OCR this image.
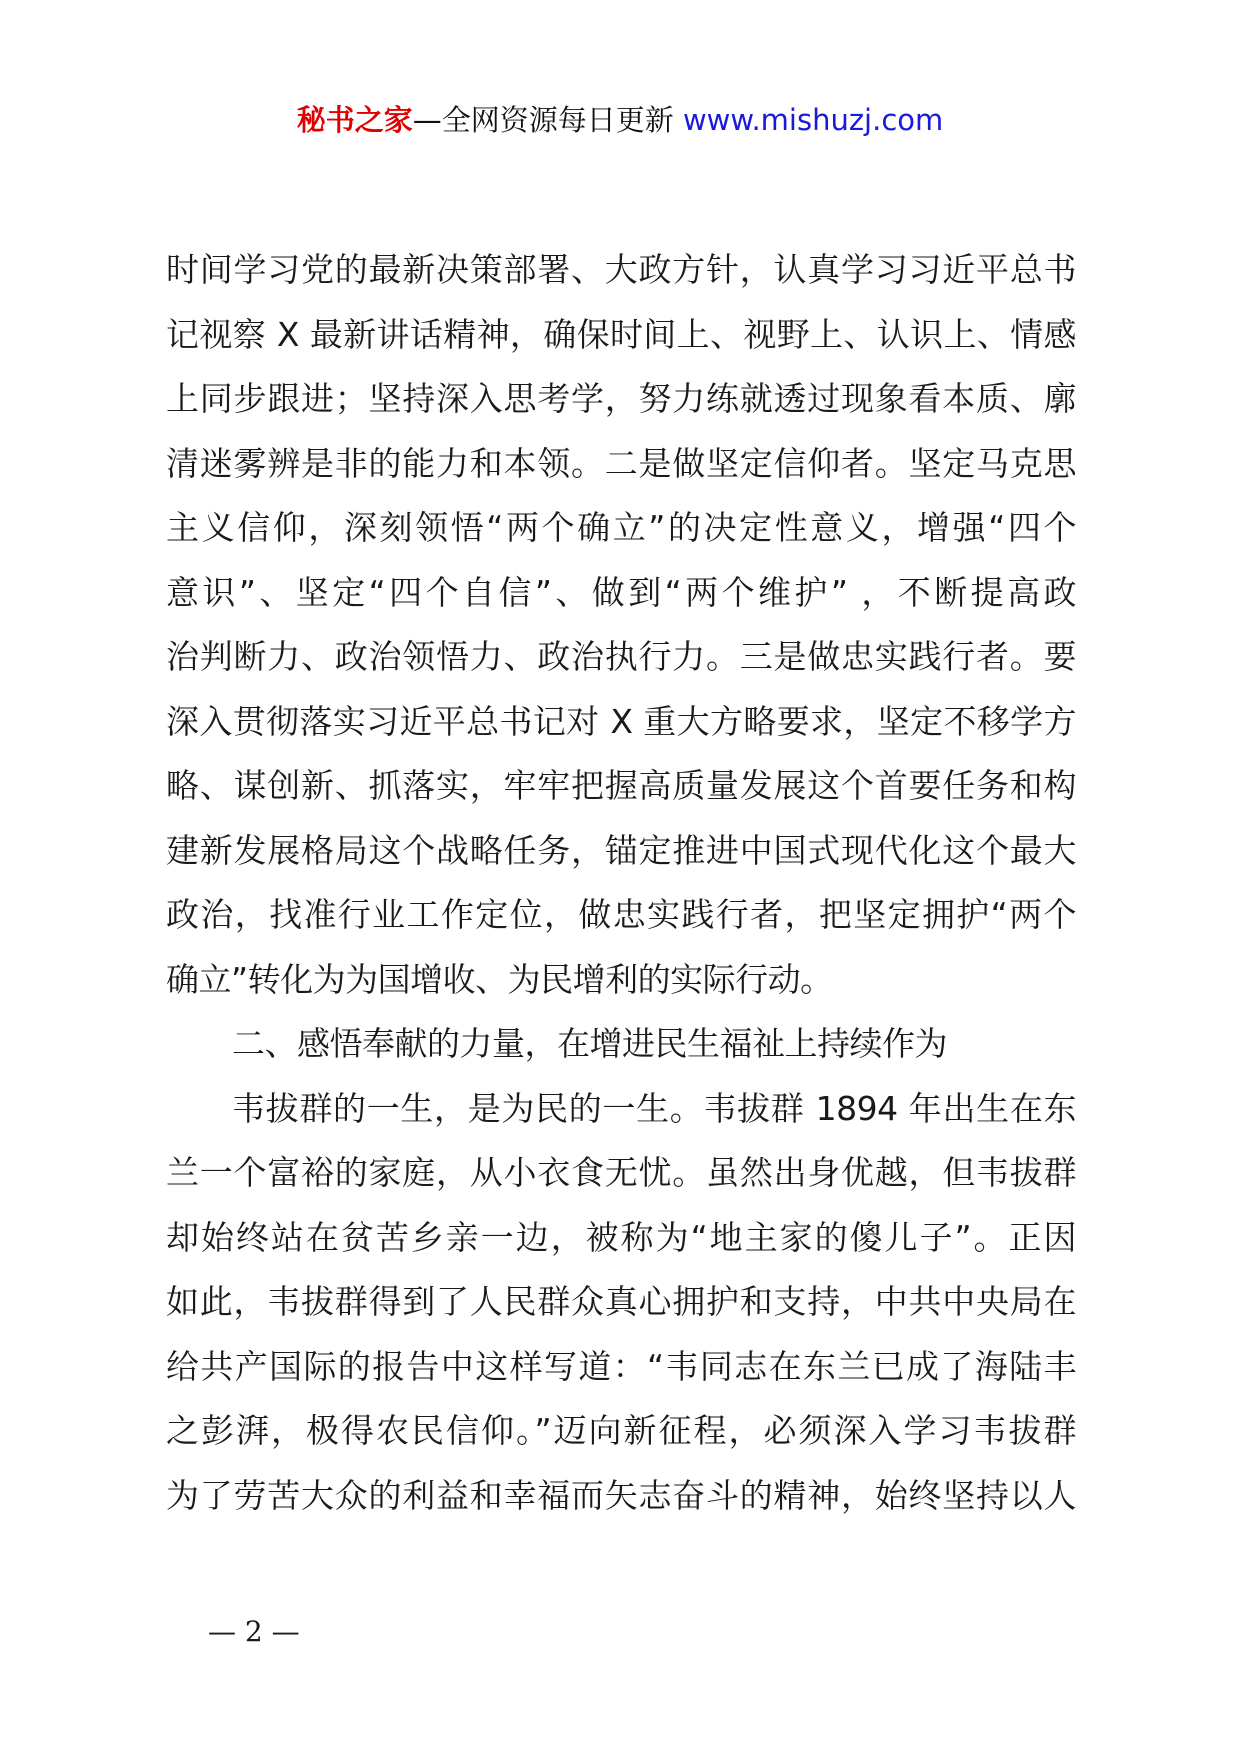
秘书之家—全网资源每日更新 www.mishuzj.com
时间学习党的最新决策部署、大政方针，认真学习习近平总书
记视察 X 最新讲话精神，确保时间上、视野上、认识上、情感
上同步跟进；坚持深入思考学，努力练就透过现象看本质、廓
清迷雾辨是非的能力和本领。二是做坚定信仰者。坚定马克思
主义信仰，深刻领悟“两个确立”的决定性意义，增强“四个
意识”、坚定“四个自信”、做到“两个维护” ，不断提高政
治判断力、政治领悟力、政治执行力。三是做忠实践行者。要
深入贯彻落实习近平总书记对 X 重大方略要求，坚定不移学方
略、谋创新、抓落实，牢牢把握高质量发展这个首要任务和构
建新发展格局这个战略任务，锚定推进中国式现代化这个最大
政治，找准行业工作定位，做忠实践行者，把坚定拥护“两个
确立”转化为为国增收、为民增利的实际行动。
二、感悟奉献的力量，在增进民生福祉上持续作为
韦拔群的一生，是为民的一生。韦拔群 1894 年出生在东
兰一个富裕的家庭，从小衣食无忧。虽然出身优越，但韦拔群
却始终站在贫苦乡亲一边，被称为“地主家的傻儿子”。正因
如此，韦拔群得到了人民群众真心拥护和支持，中共中央局在
给共产国际的报告中这样写道：“韦同志在东兰已成了海陆丰
之彭湃，极得农民信仰。”迈向新征程，必须深入学习韦拔群
为了劳苦大众的利益和幸福而矢志奋斗的精神，始终坚持以人
— 2 —
